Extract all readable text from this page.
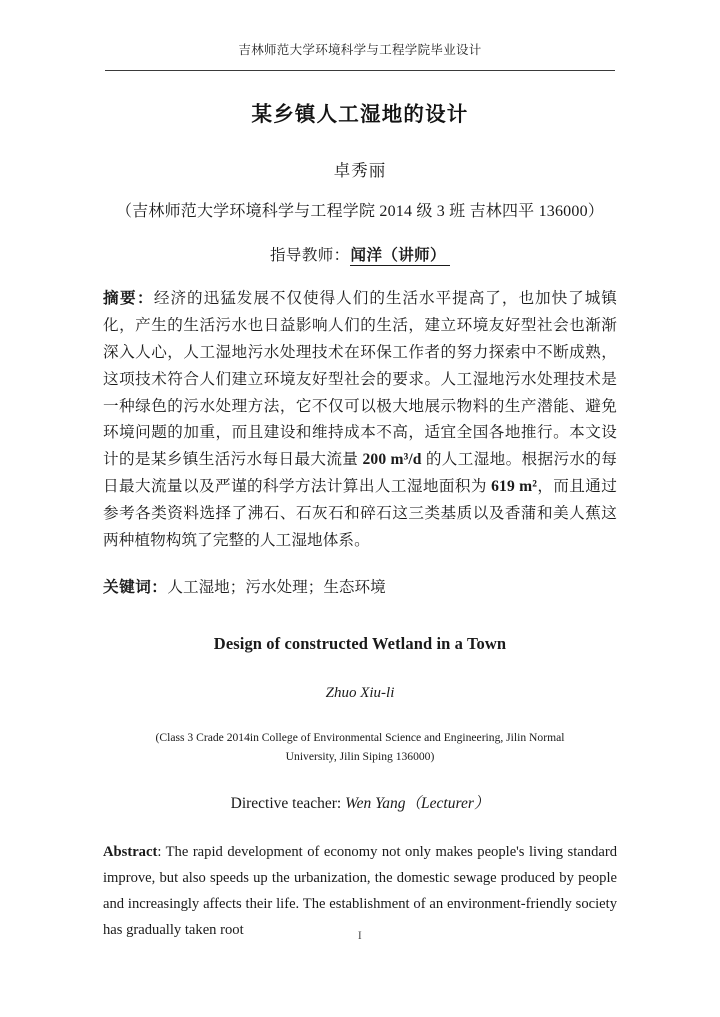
吉林师范大学环境科学与工程学院毕业设计
某乡镇人工湿地的设计
卓秀丽
（吉林师范大学环境科学与工程学院 2014 级 3 班 吉林四平 136000）
指导教师：闻洋（讲师）
摘要：经济的迅猛发展不仅使得人们的生活水平提高了，也加快了城镇化，产生的生活污水也日益影响人们的生活，建立环境友好型社会也渐渐深入人心，人工湿地污水处理技术在环保工作者的努力探索中不断成熟，这项技术符合人们建立环境友好型社会的要求。人工湿地污水处理技术是一种绿色的污水处理方法，它不仅可以极大地展示物料的生产潜能、避免环境问题的加重，而且建设和维持成本不高，适宜全国各地推行。本文设计的是某乡镇生活污水每日最大流量 200 m³/d 的人工湿地。根据污水的每日最大流量以及严谨的科学方法计算出人工湿地面积为 619 m²，而且通过参考各类资料选择了沸石、石灰石和碎石这三类基质以及香蒲和美人蕉这两种植物构筑了完整的人工湿地体系。
关键词：人工湿地；污水处理；生态环境
Design of constructed Wetland in a Town
Zhuo Xiu-li
(Class 3 Crade 2014in College of Environmental Science and Engineering, Jilin Normal University, Jilin Siping 136000)
Directive teacher: Wen Yang（Lecturer）
Abstract: The rapid development of economy not only makes people's living standard improve, but also speeds up the urbanization, the domestic sewage produced by people and increasingly affects their life. The establishment of an environment-friendly society has gradually taken root	I
